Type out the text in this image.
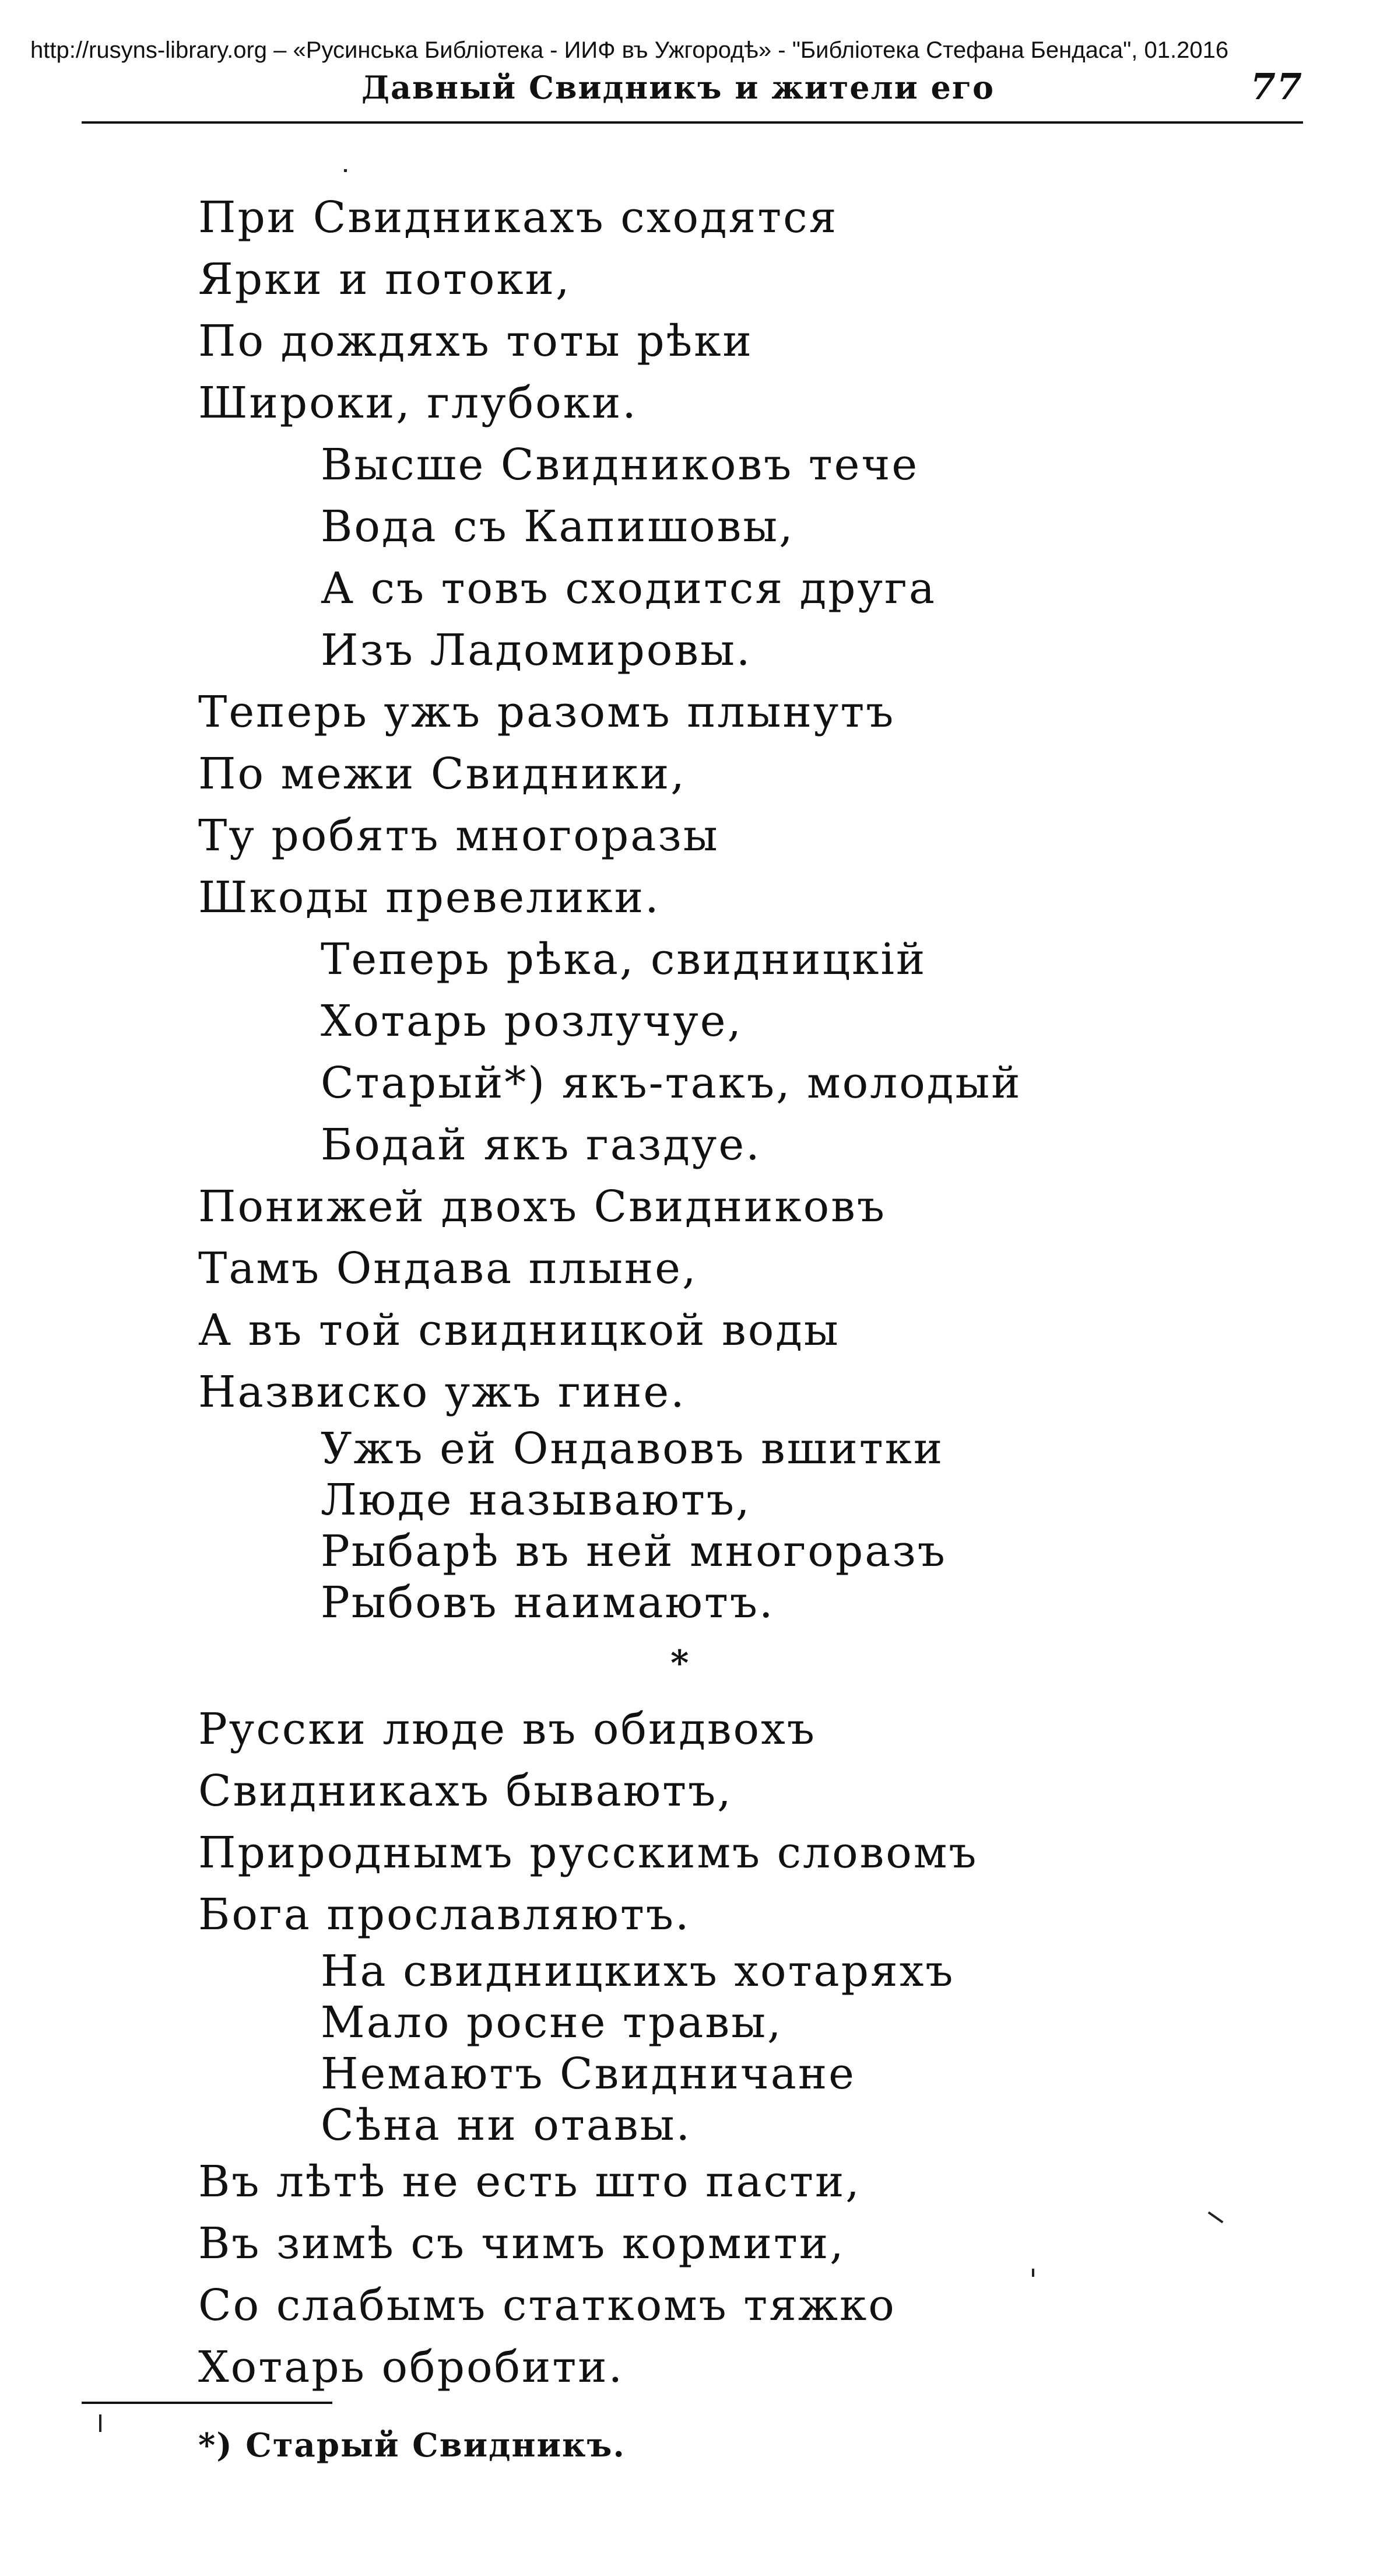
http://rusyns-library.org – «Русинська Библіотека - ИИФ въ Ужгородѣ» - "Библіотека Стефана Бендаса", 01.2016
Давный Свидникъ и жители его	77
При Свидникахъ сходятся
Ярки и потоки,
По дождяхъ тоты рѣки
Широки, глубоки.
Высше Свидниковъ тече
Вода съ Капишовы,
А съ товъ сходится друга
Изъ Ладомировы.
Теперь ужъ разомъ плынутъ
По межи Свидники,
Ту робятъ многоразы
Шкоды превелики.
Теперь рѣка, свидницкій
Хотарь розлучуе,
Старый*) якъ-такъ, молодый
Бодай якъ газдуе.
Понижей двохъ Свидниковъ
Тамъ Ондава плыне,
А въ той свидницкой воды
Назвиско ужъ гине.
Ужъ ей Ондавовъ вшитки
Люде называютъ,
Рыбарѣ въ ней многоразъ
Рыбовъ наимаютъ.
*
Русски люде въ обидвохъ
Свидникахъ бываютъ,
Природнымъ русскимъ словомъ
Бога прославляютъ.
На свидницкихъ хотаряхъ
Мало росне травы,
Немаютъ Свидничане
Сѣна ни отавы.
Въ лѣтѣ не есть што пасти,
Въ зимѣ съ чимъ кормити,
Со слабымъ статкомъ тяжко
Хотарь обробити.
*) Старый Свидникъ.
